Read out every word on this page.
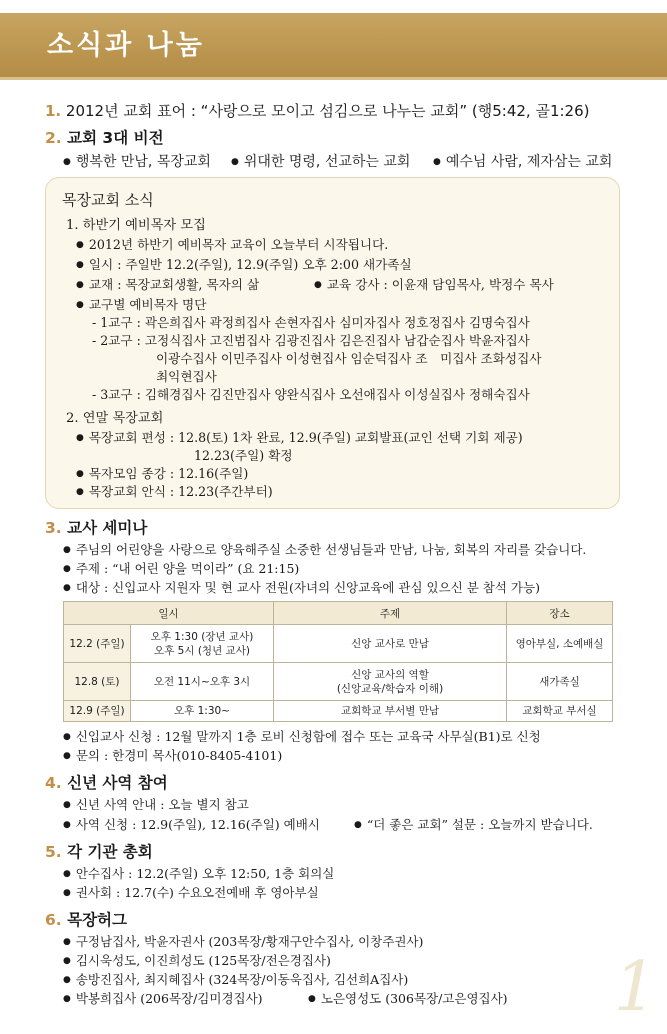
소식과 나눔
1. 2012년 교회 표어 : “사랑으로 모이고 섬김으로 나누는 교회” (행5:42, 골1:26)
2. 교회 3대 비전
● 행복한 만남, 목장교회	● 위대한 명령, 선교하는 교회	● 예수님 사람, 제자삼는 교회
목장교회 소식
1. 하반기 예비목자 모집
● 2012년 하반기 예비목자 교육이 오늘부터 시작됩니다.
● 일시 : 주일반 12.2(주일), 12.9(주일) 오후 2:00 새가족실
● 교재 : 목장교회생활, 목자의 삶	● 교육 강사 : 이윤재 담임목사, 박정수 목사
● 교구별 예비목자 명단
- 1교구 : 곽은희집사 곽정희집사 손현자집사 심미자집사 정호정집사 김명숙집사
- 2교구 : 고정식집사 고진범집사 김광진집사 김은진집사 남갑순집사 박윤자집사
이광수집사 이민주집사 이성현집사 임순덕집사 조　미집사 조화성집사
최익현집사
- 3교구 : 김해경집사 김진만집사 양완식집사 오선애집사 이성실집사 정해숙집사
2. 연말 목장교회
● 목장교회 편성 : 12.8(토) 1차 완료, 12.9(주일) 교회발표(교인 선택 기회 제공)
12.23(주일) 확정
● 목자모임 종강 : 12.16(주일)
● 목장교회 안식 : 12.23(주간부터)
3. 교사 세미나
● 주님의 어린양을 사랑으로 양육해주실 소중한 선생님들과 만남, 나눔, 회복의 자리를 갖습니다.
● 주제 : “내 어린 양을 먹이라” (요 21:15)
● 대상 : 신입교사 지원자 및 현 교사 전원(자녀의 신앙교육에 관심 있으신 분 참석 가능)
일시		주제	장소
12.2 (주일)	오후 1:30 (장년 교사)
오후 5시 (청년 교사)	신앙 교사로 만남	영아부실, 소예배실
12.8 (토)	오전 11시~오후 3시	신앙 교사의 역할
(신앙교육/학습자 이해)	새가족실
12.9 (주일)	오후 1:30~	교회학교 부서별 만남	교회학교 부서실
● 신입교사 신청 : 12월 말까지 1층 로비 신청함에 접수 또는 교육국 사무실(B1)로 신청
● 문의 : 한경미 목사(010-8405-4101)
4. 신년 사역 참여
● 신년 사역 안내 : 오늘 별지 참고
● 사역 신청 : 12.9(주일), 12.16(주일) 예배시	● “더 좋은 교회” 설문 : 오늘까지 받습니다.
5. 각 기관 총회
● 안수집사 : 12.2(주일) 오후 12:50, 1층 회의실
● 권사회 : 12.7(수) 수요오전예배 후 영아부실
6. 목장허그
● 구정남집사, 박윤자권사 (203목장/황재구안수집사, 이창주권사)
● 김시욱성도, 이진희성도 (125목장/전은경집사)
● 송방진집사, 최지혜집사 (324목장/이동욱집사, 김선희A집사)
● 박봉희집사 (206목장/김미경집사)	● 노은영성도 (306목장/고은영집사) 1
